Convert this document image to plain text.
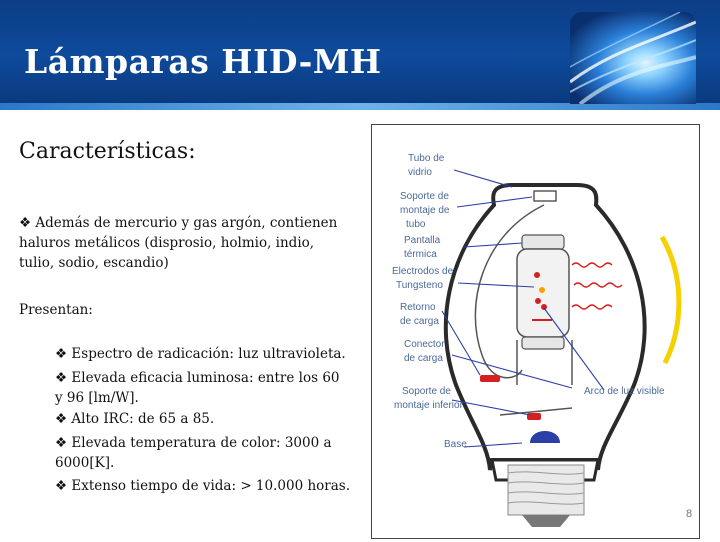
Lámparas HID-MH
Características:
❖ Además de mercurio y gas argón, contienen haluros metálicos (disprosio, holmio, indio, tulio, sodio, escandio)
Presentan:
❖ Espectro de radicación: luz ultravioleta.
❖ Elevada eficacia luminosa: entre los 60 y 96 [lm/W].
❖ Alto IRC: de 65 a 85.
❖ Elevada temperatura de color: 3000 a 6000[K].
❖ Extenso tiempo de vida: > 10.000 horas.
Tubo de vidrio
Soporte de montaje de tubo
Pantalla térmica
Electrodos de Tungsteno
Retorno de carga
Conector de carga
Soporte de montaje inferior
Base
Arco de luz visible
8
